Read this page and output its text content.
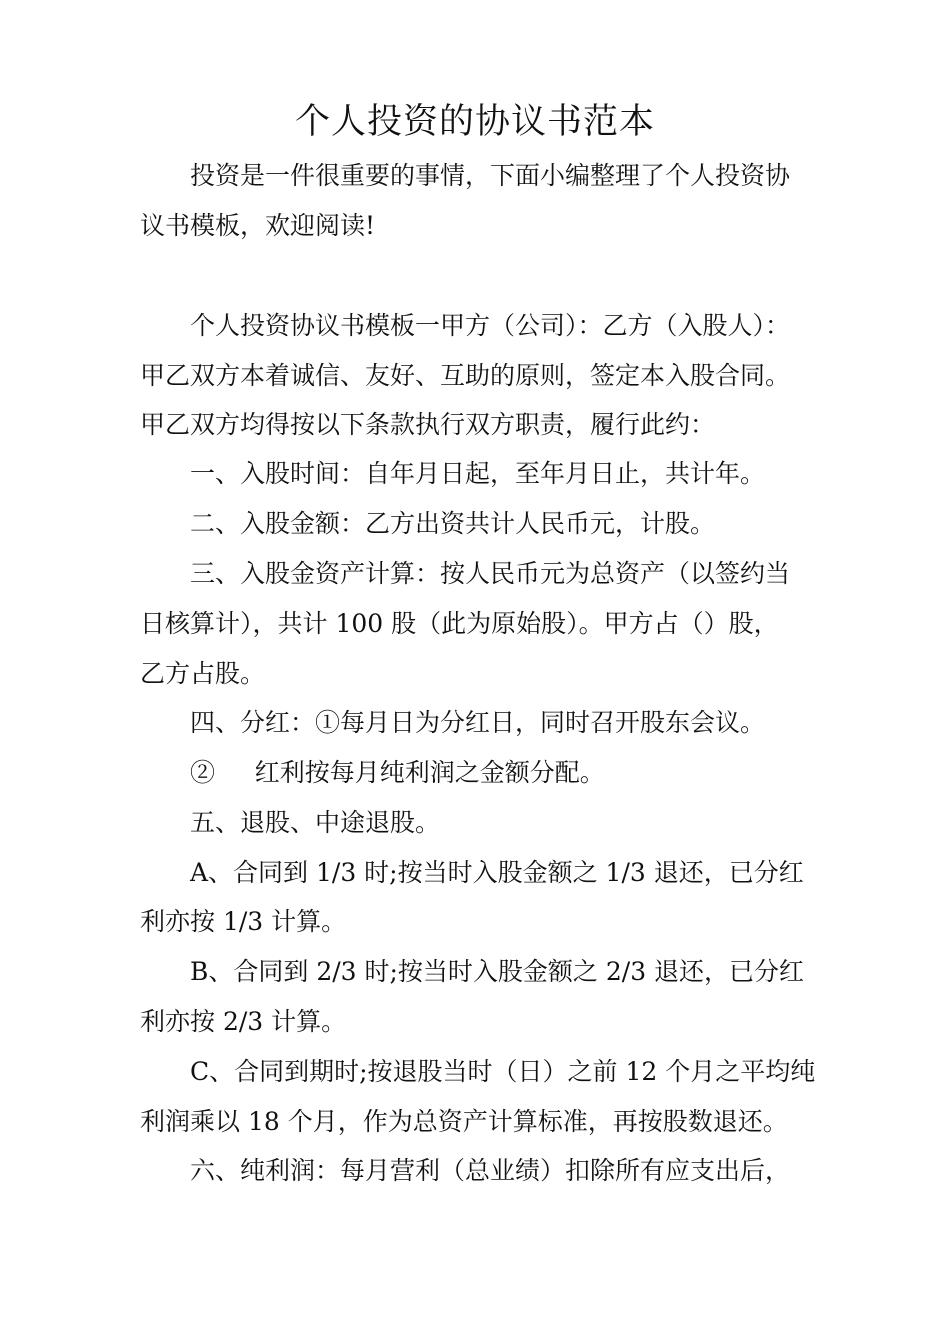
个人投资的协议书范本
投资是一件很重要的事情，下面小编整理了个人投资协
议书模板，欢迎阅读!
个人投资协议书模板一甲方（公司）：乙方（入股人）：
甲乙双方本着诚信、友好、互助的原则，签定本入股合同。
甲乙双方均得按以下条款执行双方职责，履行此约：
一、入股时间：自年月日起，至年月日止，共计年。
二、入股金额：乙方出资共计人民币元，计股。
三、入股金资产计算：按人民币元为总资产（以签约当
日核算计），共计 100 股（此为原始股）。甲方占（）股，
乙方占股。
四、分红：①每月日为分红日，同时召开股东会议。
②     红利按每月纯利润之金额分配。
五、退股、中途退股。
A、合同到 1/3 时;按当时入股金额之 1/3 退还，已分红
利亦按 1/3 计算。
B、合同到 2/3 时;按当时入股金额之 2/3 退还，已分红
利亦按 2/3 计算。
C、合同到期时;按退股当时（日）之前 12 个月之平均纯
利润乘以 18 个月，作为总资产计算标准，再按股数退还。
六、纯利润：每月营利（总业绩）扣除所有应支出后，
